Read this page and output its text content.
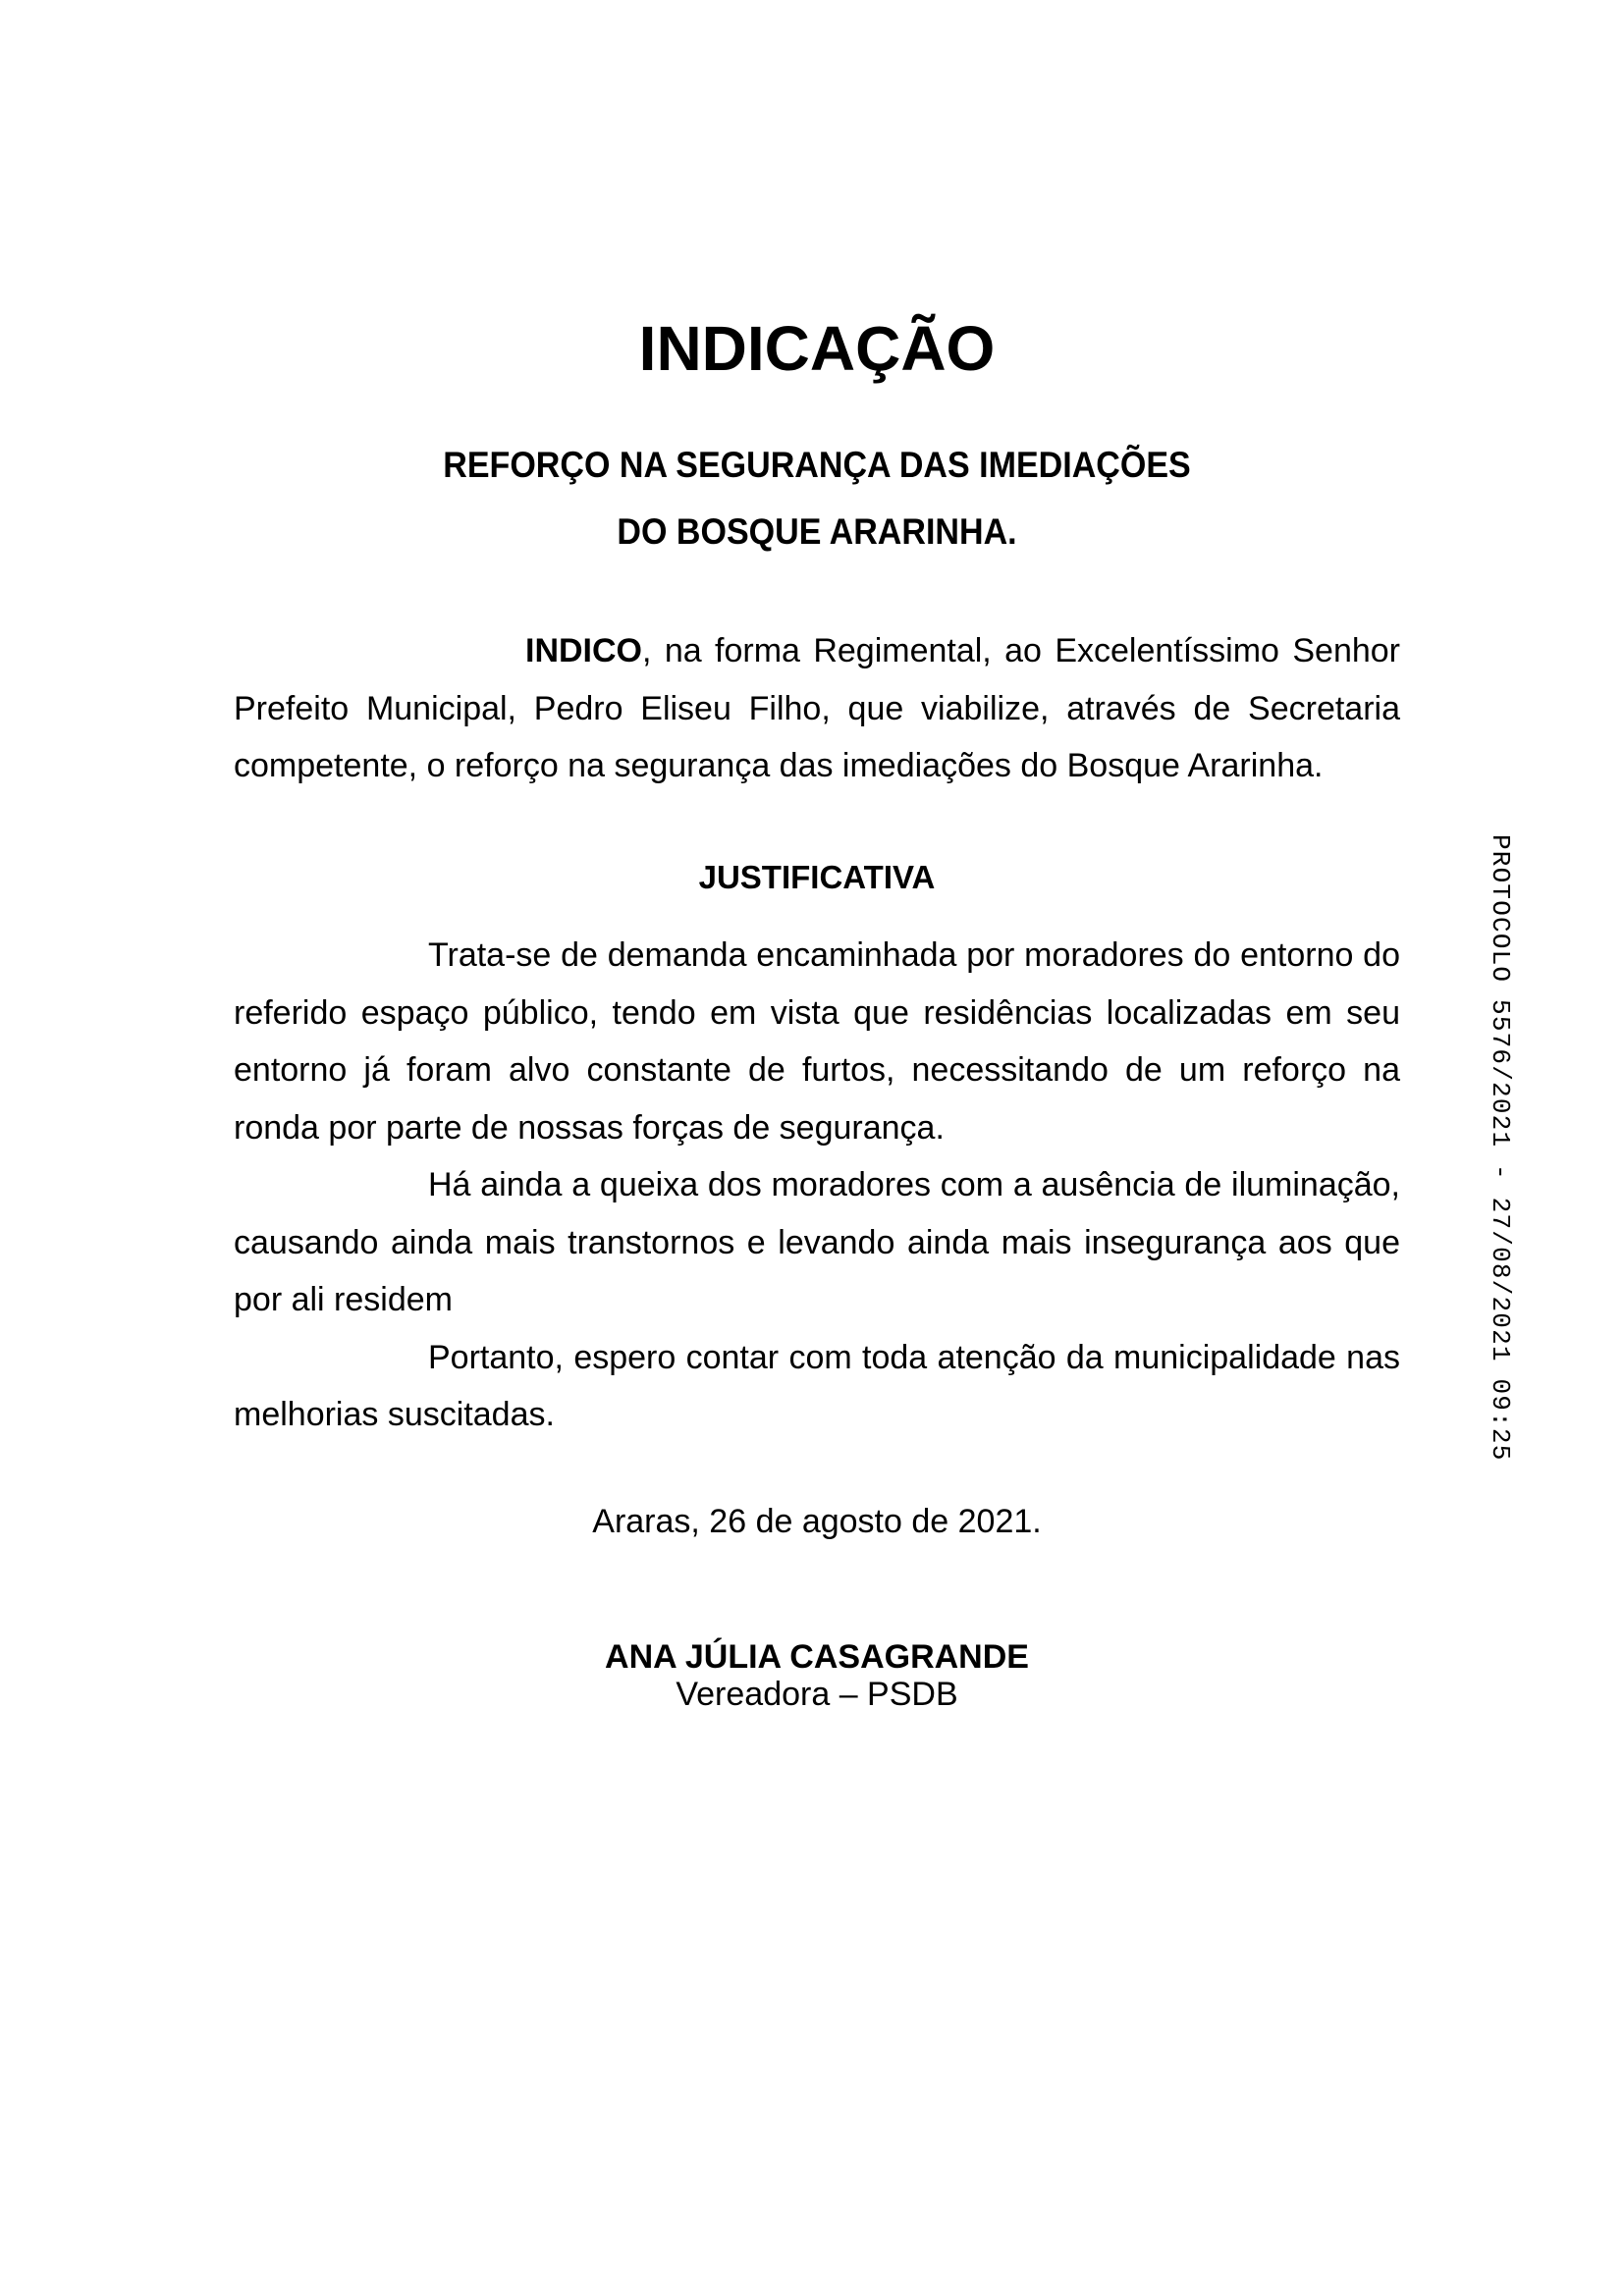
INDICAÇÃO
REFORÇO NA SEGURANÇA DAS IMEDIAÇÕES
DO BOSQUE ARARINHA.

INDICO, na forma Regimental, ao Excelentíssimo Senhor Prefeito Municipal, Pedro Eliseu Filho, que viabilize, através de Secretaria competente, o reforço na segurança das imediações do Bosque Ararinha.

JUSTIFICATIVA

Trata-se de demanda encaminhada por moradores do entorno do referido espaço público, tendo em vista que residências localizadas em seu entorno já foram alvo constante de furtos, necessitando de um reforço na ronda por parte de nossas forças de segurança.

Há ainda a queixa dos moradores com a ausência de iluminação, causando ainda mais transtornos e levando ainda mais insegurança aos que por ali residem

Portanto, espero contar com toda atenção da municipalidade nas melhorias suscitadas.

Araras, 26 de agosto de 2021.
ANA JÚLIA CASAGRANDE
Vereadora – PSDB
PROTOCOLO 5576/2021 - 27/08/2021 09:25
